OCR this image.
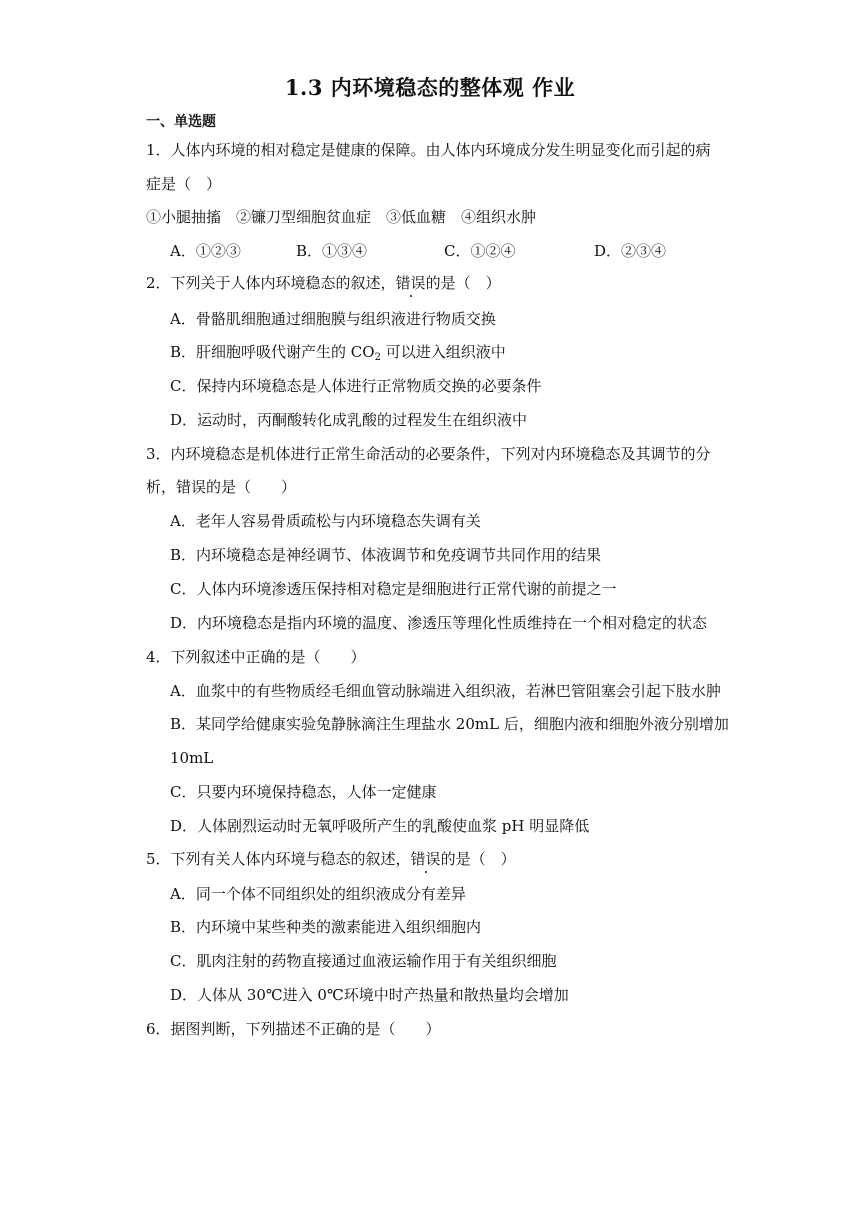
1.3 内环境稳态的整体观 作业
一、单选题
1．人体内环境的相对稳定是健康的保障。由人体内环境成分发生明显变化而引起的病
症是（　）
①小腿抽搐　②镰刀型细胞贫血症　③低血糖　④组织水肿
A．①②③	B．①③④	C．①②④	D．②③④
2．下列关于人体内环境稳态的叙述，错误的是（　）
A．骨骼肌细胞通过细胞膜与组织液进行物质交换
B．肝细胞呼吸代谢产生的 $CO_2$ 可以进入组织液中
C．保持内环境稳态是人体进行正常物质交换的必要条件
D．运动时，丙酮酸转化成乳酸的过程发生在组织液中
3．内环境稳态是机体进行正常生命活动的必要条件，下列对内环境稳态及其调节的分
析，错误的是（　　）
A．老年人容易骨质疏松与内环境稳态失调有关
B．内环境稳态是神经调节、体液调节和免疫调节共同作用的结果
C．人体内环境渗透压保持相对稳定是细胞进行正常代谢的前提之一
D．内环境稳态是指内环境的温度、渗透压等理化性质维持在一个相对稳定的状态
4．下列叙述中正确的是（　　）
A．血浆中的有些物质经毛细血管动脉端进入组织液，若淋巴管阻塞会引起下肢水肿
B．某同学给健康实验兔静脉滴注生理盐水 20mL 后，细胞内液和细胞外液分别增加
10mL
C．只要内环境保持稳态，人体一定健康
D．人体剧烈运动时无氧呼吸所产生的乳酸使血浆 pH 明显降低
5．下列有关人体内环境与稳态的叙述，错误的是（　）
A．同一个体不同组织处的组织液成分有差异
B．内环境中某些种类的激素能进入组织细胞内
C．肌肉注射的药物直接通过血液运输作用于有关组织细胞
D．人体从 30℃进入 0℃环境中时产热量和散热量均会增加
6．据图判断，下列描述不正确的是（　　）
